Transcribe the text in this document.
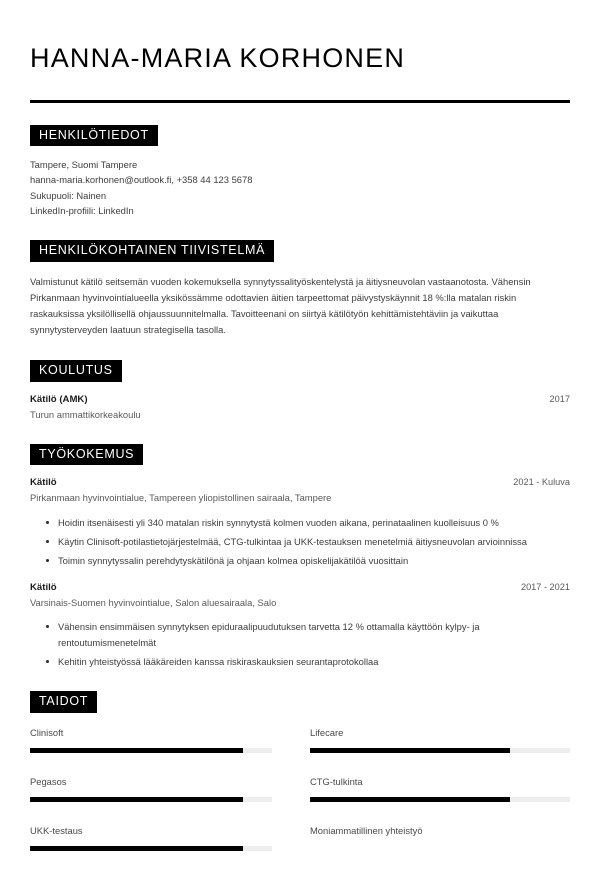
HANNA-MARIA KORHONEN
HENKILÖTIEDOT
Tampere, Suomi Tampere
hanna-maria.korhonen@outlook.fi, +358 44 123 5678
Sukupuoli: Nainen
LinkedIn-profiili: LinkedIn
HENKILÖKOHTAINEN TIIVISTELMÄ

Valmistunut kätilö seitsemän vuoden kokemuksella synnytyssalityöskentelystä ja äitiysneuvolan vastaanotosta. Vähensin Pirkanmaan hyvinvointialueella yksikössämme odottavien äitien tarpeettomat päivystyskäynnit 18 %:lla matalan riskin raskauksissa yksilöllisellä ohjaussuunnitelmalla. Tavoitteenani on siirtyä kätilötyön kehittämistehtäviin ja vaikuttaa synnytysterveyden laatuun strategisella tasolla.

KOULUTUS
Kätilö (AMK)	2017
Turun ammattikorkeakoulu
TYÖKOKEMUS
Kätilö	2021 - Kuluva
Pirkanmaan hyvinvointialue, Tampereen yliopistollinen sairaala, Tampere
Hoidin itsenäisesti yli 340 matalan riskin synnytystä kolmen vuoden aikana, perinataalinen kuolleisuus 0 %
Käytin Clinisoft-potilastietojärjestelmää, CTG-tulkintaa ja UKK-testauksen menetelmiä äitiysneuvolan arvioinnissa
Toimin synnytyssalin perehdytyskätilönä ja ohjaan kolmea opiskelijakätilöä vuosittain
Kätilö	2017 - 2021
Varsinais-Suomen hyvinvointialue, Salon aluesairaala, Salo
Vähensin ensimmäisen synnytyksen epiduraalipuudutuksen tarvetta 12 % ottamalla käyttöön kylpy- ja rentoutumismenetelmät
Kehitin yhteistyössä lääkäreiden kanssa riskiraskauksien seurantaprotokollaa
TAIDOT
Clinisoft	Lifecare
Pegasos	CTG-tulkinta
UKK-testaus	Moniammatillinen yhteistyö
